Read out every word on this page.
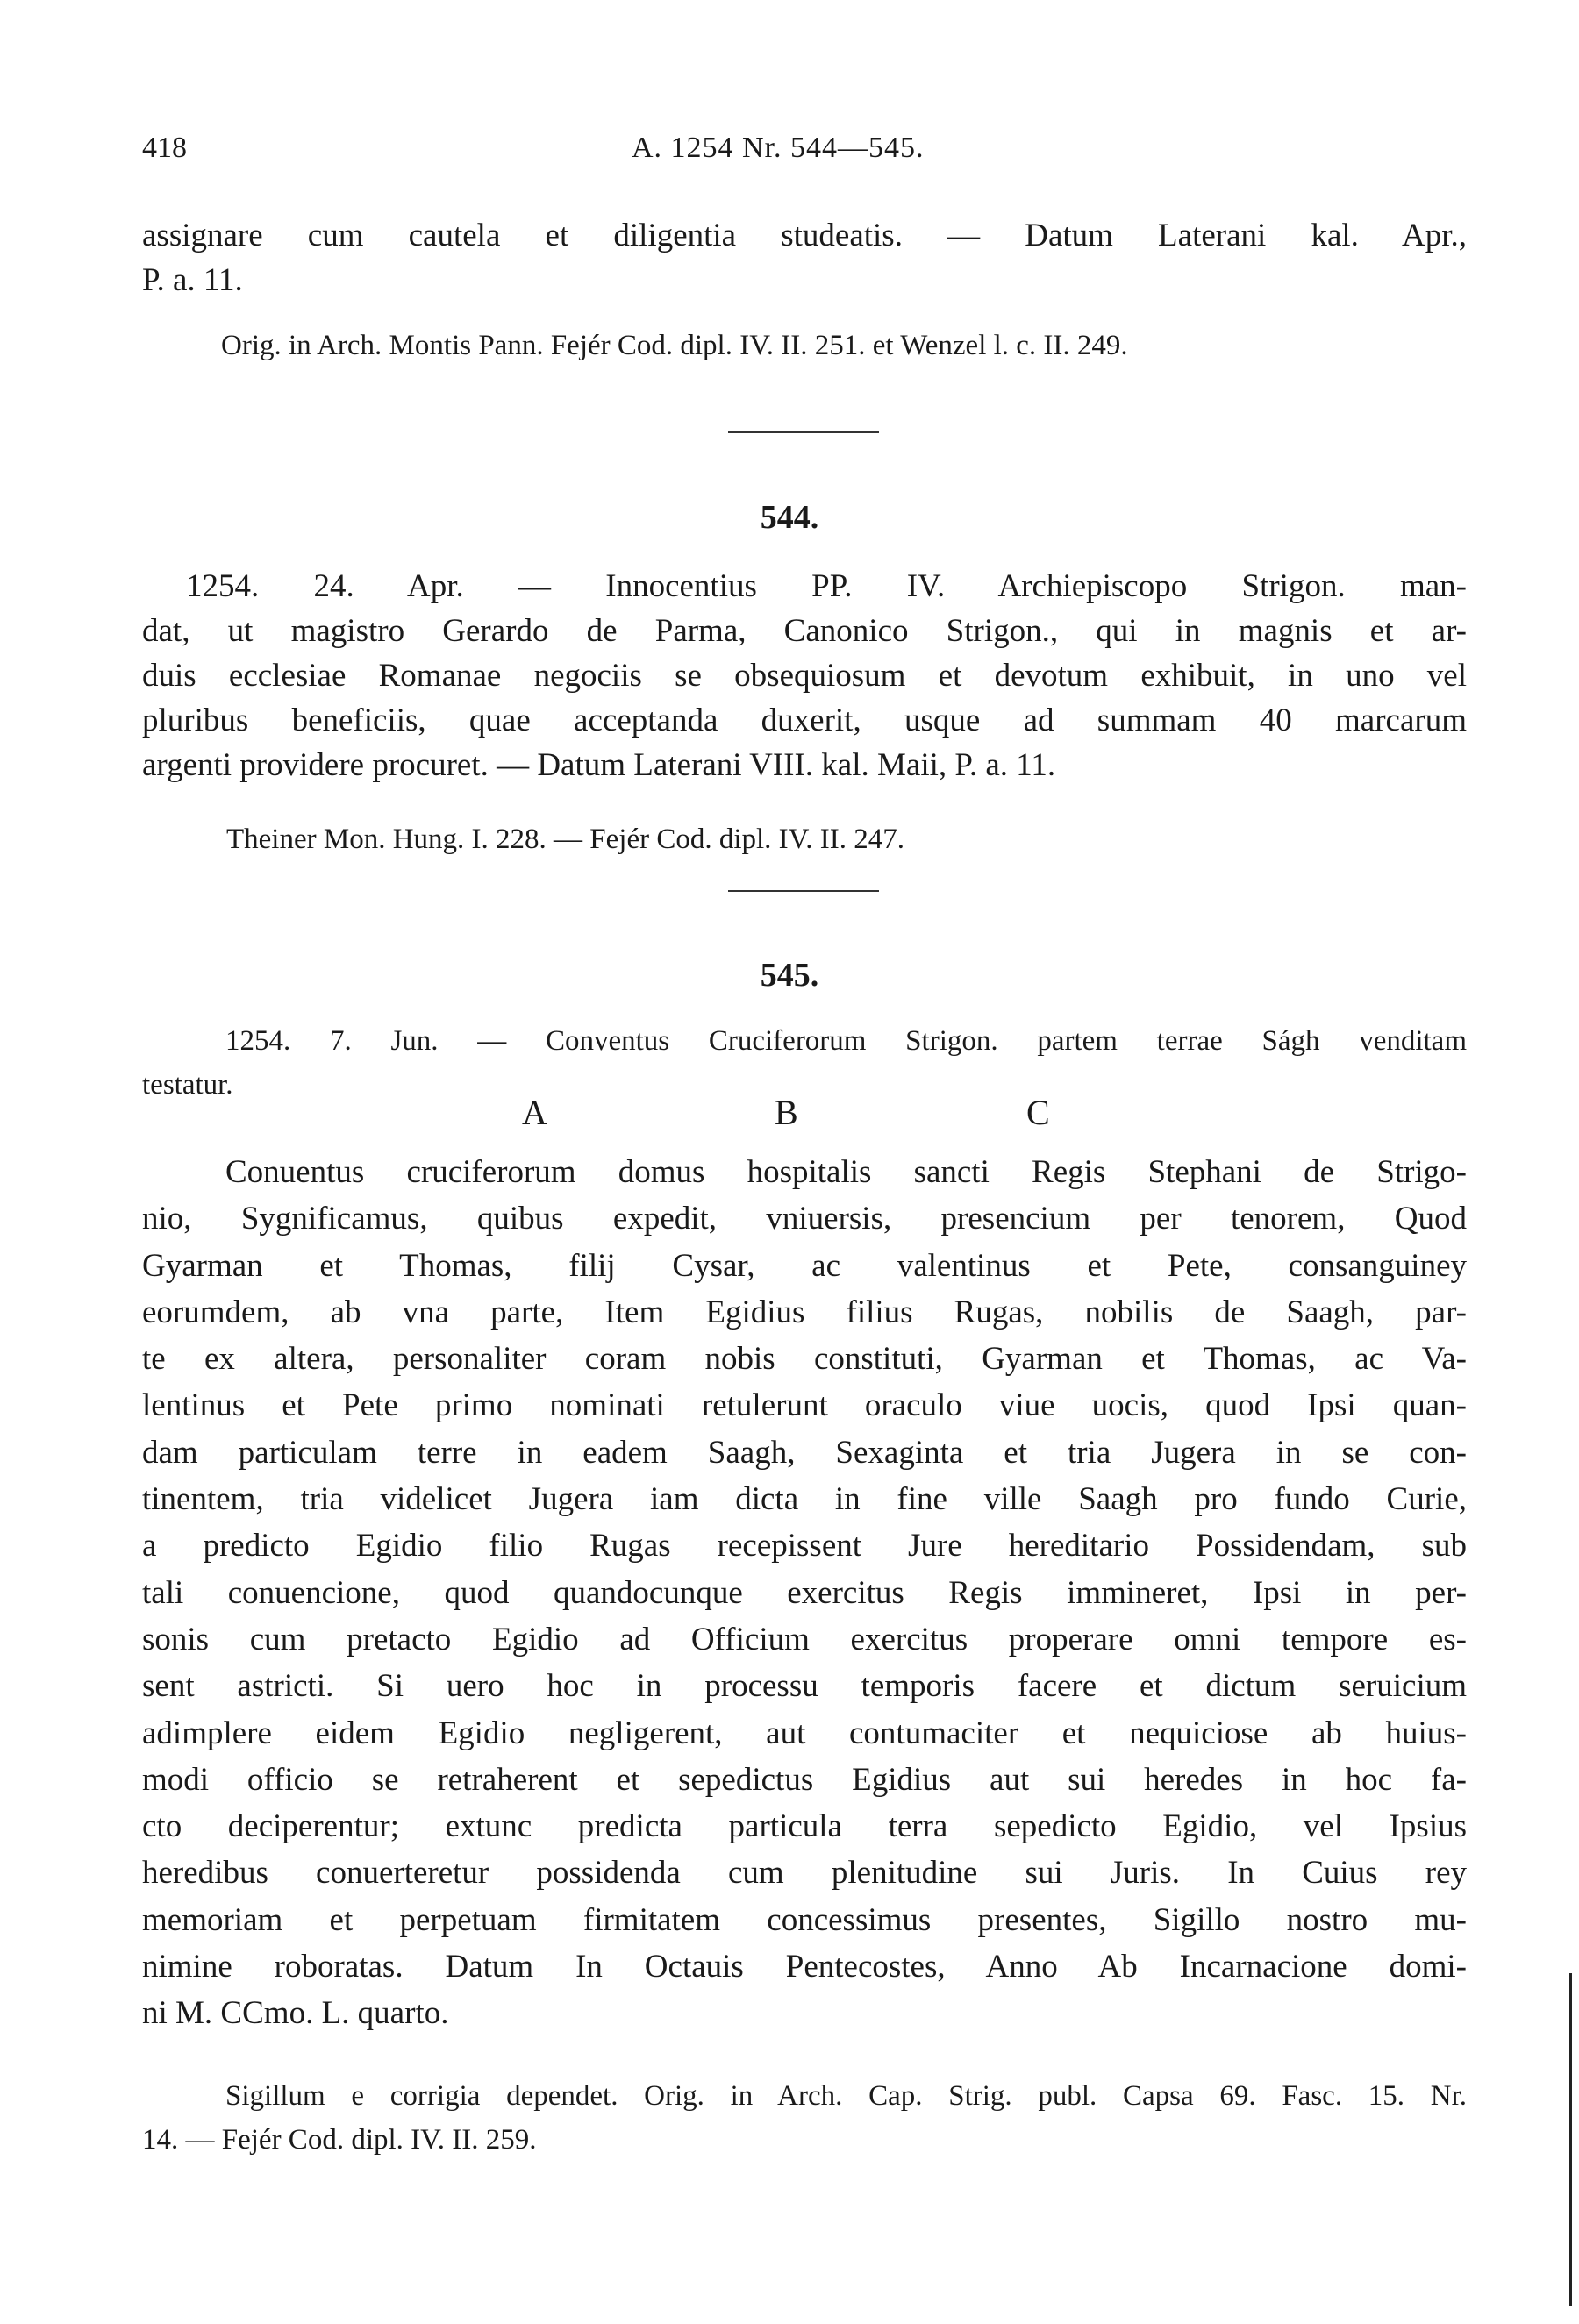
418	A. 1254 Nr. 544—545.
assignare cum cautela et diligentia studeatis. — Datum Laterani kal. Apr.,
P. a. 11.
Orig. in Arch. Montis Pann. Fejér Cod. dipl. IV. II. 251. et Wenzel l. c. II. 249.
544.
1254. 24. Apr. — Innocentius PP. IV. Archiepiscopo Strigon. man-
dat, ut magistro Gerardo de Parma, Canonico Strigon., qui in magnis et ar-
duis ecclesiae Romanae negociis se obsequiosum et devotum exhibuit, in uno vel
pluribus beneficiis, quae acceptanda duxerit, usque ad summam 40 marcarum
argenti providere procuret. — Datum Laterani VIII. kal. Maii, P. a. 11.
Theiner Mon. Hung. I. 228. — Fejér Cod. dipl. IV. II. 247.
545.
1254. 7. Jun. — Conventus Cruciferorum Strigon. partem terrae Ságh venditam
testatur.
A	B	C
Conuentus cruciferorum domus hospitalis sancti Regis Stephani de Strigo-
nio, Sygnificamus, quibus expedit, vniuersis, presencium per tenorem, Quod
Gyarman et Thomas, filij Cysar, ac valentinus et Pete, consanguiney
eorumdem, ab vna parte, Item Egidius filius Rugas, nobilis de Saagh, par-
te ex altera, personaliter coram nobis constituti, Gyarman et Thomas, ac Va-
lentinus et Pete primo nominati retulerunt oraculo viue uocis, quod Ipsi quan-
dam particulam terre in eadem Saagh, Sexaginta et tria Jugera in se con-
tinentem, tria videlicet Jugera iam dicta in fine ville Saagh pro fundo Curie,
a predicto Egidio filio Rugas recepissent Jure hereditario Possidendam, sub
tali conuencione, quod quandocunque exercitus Regis immineret, Ipsi in per-
sonis cum pretacto Egidio ad Officium exercitus properare omni tempore es-
sent astricti. Si uero hoc in processu temporis facere et dictum seruicium
adimplere eidem Egidio negligerent, aut contumaciter et nequiciose ab huius-
modi officio se retraherent et sepedictus Egidius aut sui heredes in hoc fa-
cto deciperentur; extunc predicta particula terra sepedicto Egidio, vel Ipsius
heredibus conuerteretur possidenda cum plenitudine sui Juris. In Cuius rey
memoriam et perpetuam firmitatem concessimus presentes, Sigillo nostro mu-
nimine roboratas. Datum In Octauis Pentecostes, Anno Ab Incarnacione domi-
ni M. CCmo. L. quarto.
Sigillum e corrigia dependet. Orig. in Arch. Cap. Strig. publ. Capsa 69. Fasc. 15. Nr.
14. — Fejér Cod. dipl. IV. II. 259.
